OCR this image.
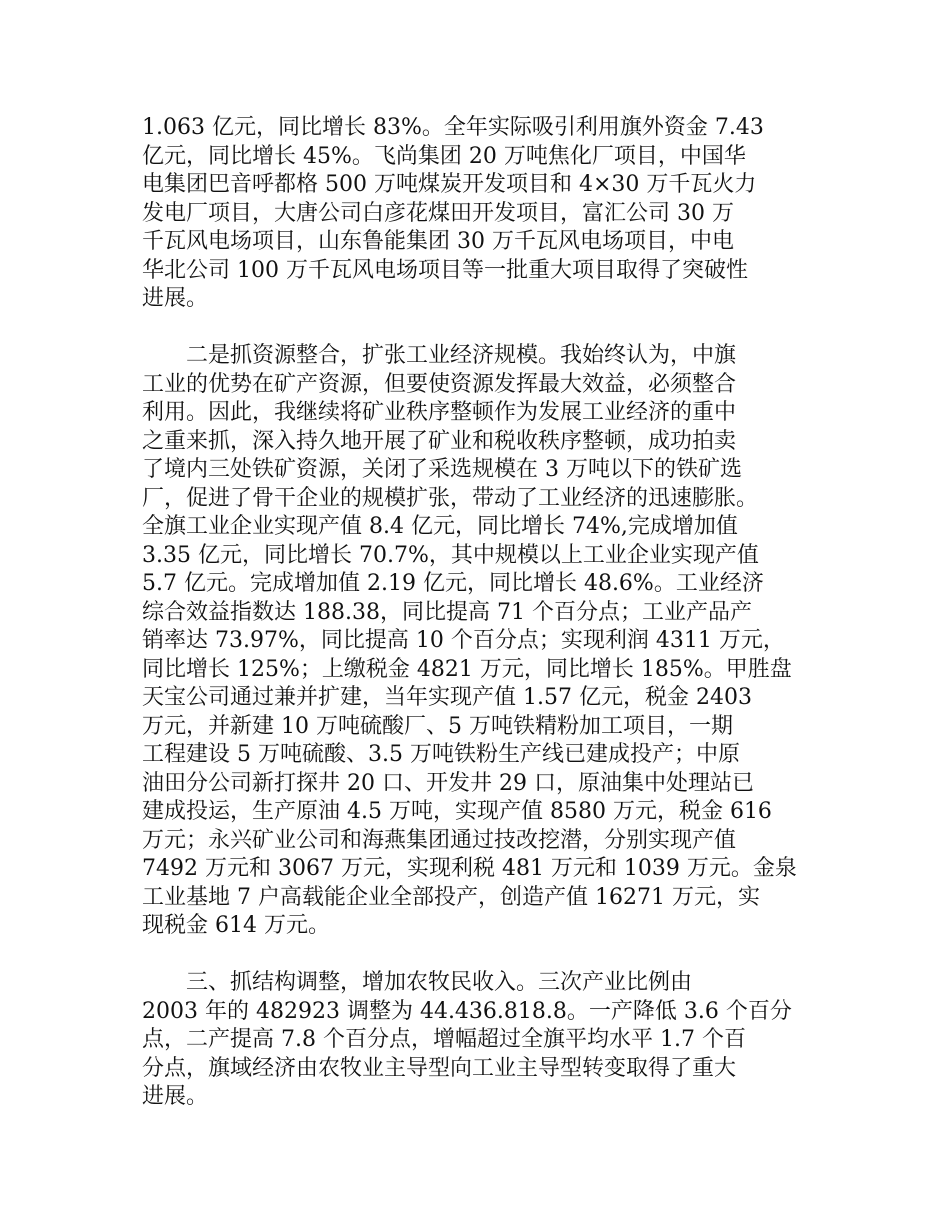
1.063 亿元，同比增长 83%。全年实际吸引利用旗外资金 7.43
亿元，同比增长 45%。飞尚集团 20 万吨焦化厂项目，中国华
电集团巴音呼都格 500 万吨煤炭开发项目和 4×30 万千瓦火力
发电厂项目，大唐公司白彦花煤田开发项目，富汇公司 30 万
千瓦风电场项目，山东鲁能集团 30 万千瓦风电场项目，中电
华北公司 100 万千瓦风电场项目等一批重大项目取得了突破性
进展。
二是抓资源整合，扩张工业经济规模。我始终认为，中旗
工业的优势在矿产资源，但要使资源发挥最大效益，必须整合
利用。因此，我继续将矿业秩序整顿作为发展工业经济的重中
之重来抓，深入持久地开展了矿业和税收秩序整顿，成功拍卖
了境内三处铁矿资源，关闭了采选规模在 3 万吨以下的铁矿选
厂，促进了骨干企业的规模扩张，带动了工业经济的迅速膨胀。
全旗工业企业实现产值 8.4 亿元，同比增长 74%,完成增加值
3.35 亿元，同比增长 70.7%，其中规模以上工业企业实现产值
5.7 亿元。完成增加值 2.19 亿元，同比增长 48.6%。工业经济
综合效益指数达 188.38，同比提高 71 个百分点；工业产品产
销率达 73.97%，同比提高 10 个百分点；实现利润 4311 万元，
同比增长 125%；上缴税金 4821 万元，同比增长 185%。甲胜盘
天宝公司通过兼并扩建，当年实现产值 1.57 亿元，税金 2403
万元，并新建 10 万吨硫酸厂、5 万吨铁精粉加工项目，一期
工程建设 5 万吨硫酸、3.5 万吨铁粉生产线已建成投产；中原
油田分公司新打探井 20 口、开发井 29 口，原油集中处理站已
建成投运，生产原油 4.5 万吨，实现产值 8580 万元，税金 616
万元；永兴矿业公司和海燕集团通过技改挖潜，分别实现产值
7492 万元和 3067 万元，实现利税 481 万元和 1039 万元。金泉
工业基地 7 户高载能企业全部投产，创造产值 16271 万元，实
现税金 614 万元。
三、抓结构调整，增加农牧民收入。三次产业比例由
2003 年的 482923 调整为 44.436.818.8。一产降低 3.6 个百分
点，二产提高 7.8 个百分点，增幅超过全旗平均水平 1.7 个百
分点，旗域经济由农牧业主导型向工业主导型转变取得了重大
进展。
